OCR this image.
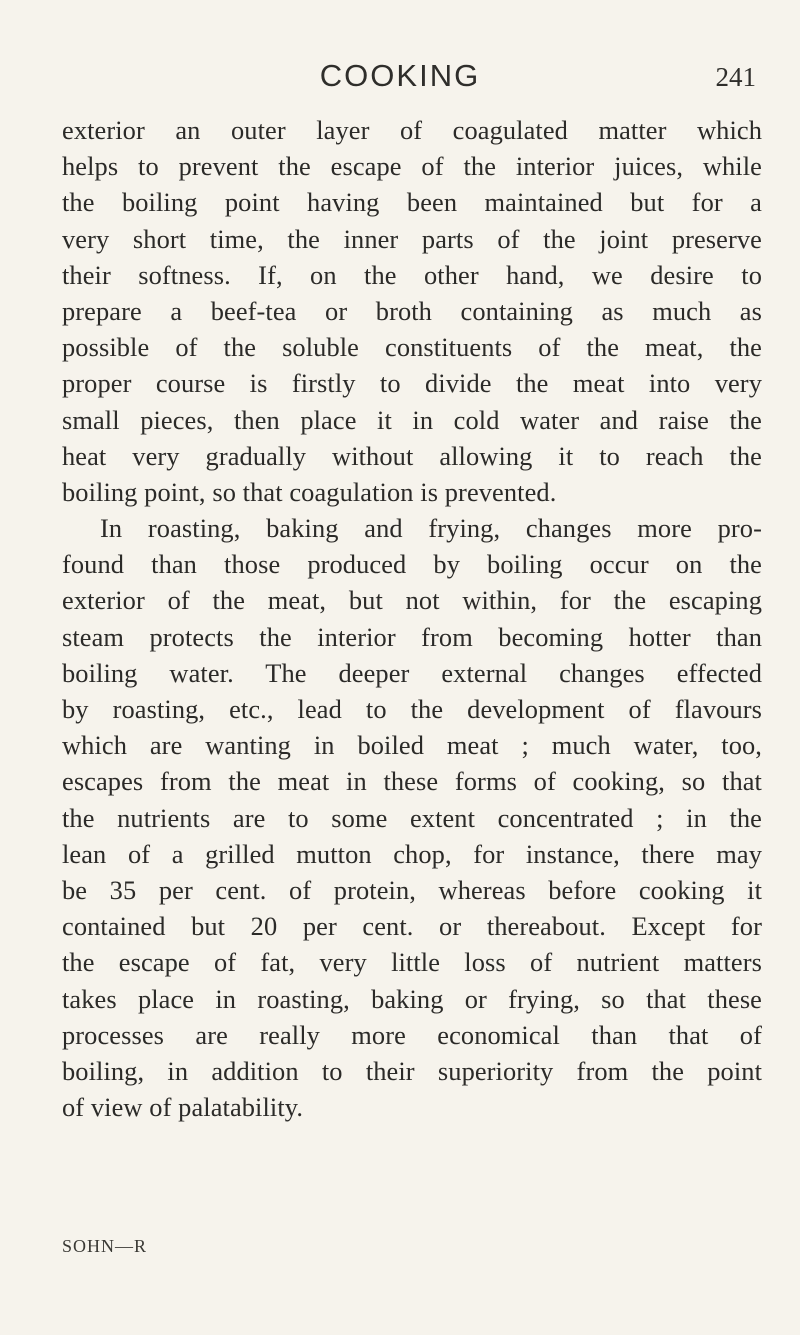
COOKING	241
exterior an outer layer of coagulated matter which
helps to prevent the escape of the interior juices, while
the boiling point having been maintained but for a
very short time, the inner parts of the joint preserve
their softness. If, on the other hand, we desire to
prepare a beef-tea or broth containing as much as
possible of the soluble constituents of the meat, the
proper course is firstly to divide the meat into very
small pieces, then place it in cold water and raise the
heat very gradually without allowing it to reach the
boiling point, so that coagulation is prevented.
In roasting, baking and frying, changes more pro-
found than those produced by boiling occur on the
exterior of the meat, but not within, for the escaping
steam protects the interior from becoming hotter than
boiling water. The deeper external changes effected
by roasting, etc., lead to the development of flavours
which are wanting in boiled meat ; much water, too,
escapes from the meat in these forms of cooking, so that
the nutrients are to some extent concentrated ; in the
lean of a grilled mutton chop, for instance, there may
be 35 per cent. of protein, whereas before cooking it
contained but 20 per cent. or thereabout. Except for
the escape of fat, very little loss of nutrient matters
takes place in roasting, baking or frying, so that these
processes are really more economical than that of
boiling, in addition to their superiority from the point
of view of palatability.
SOHN—R
